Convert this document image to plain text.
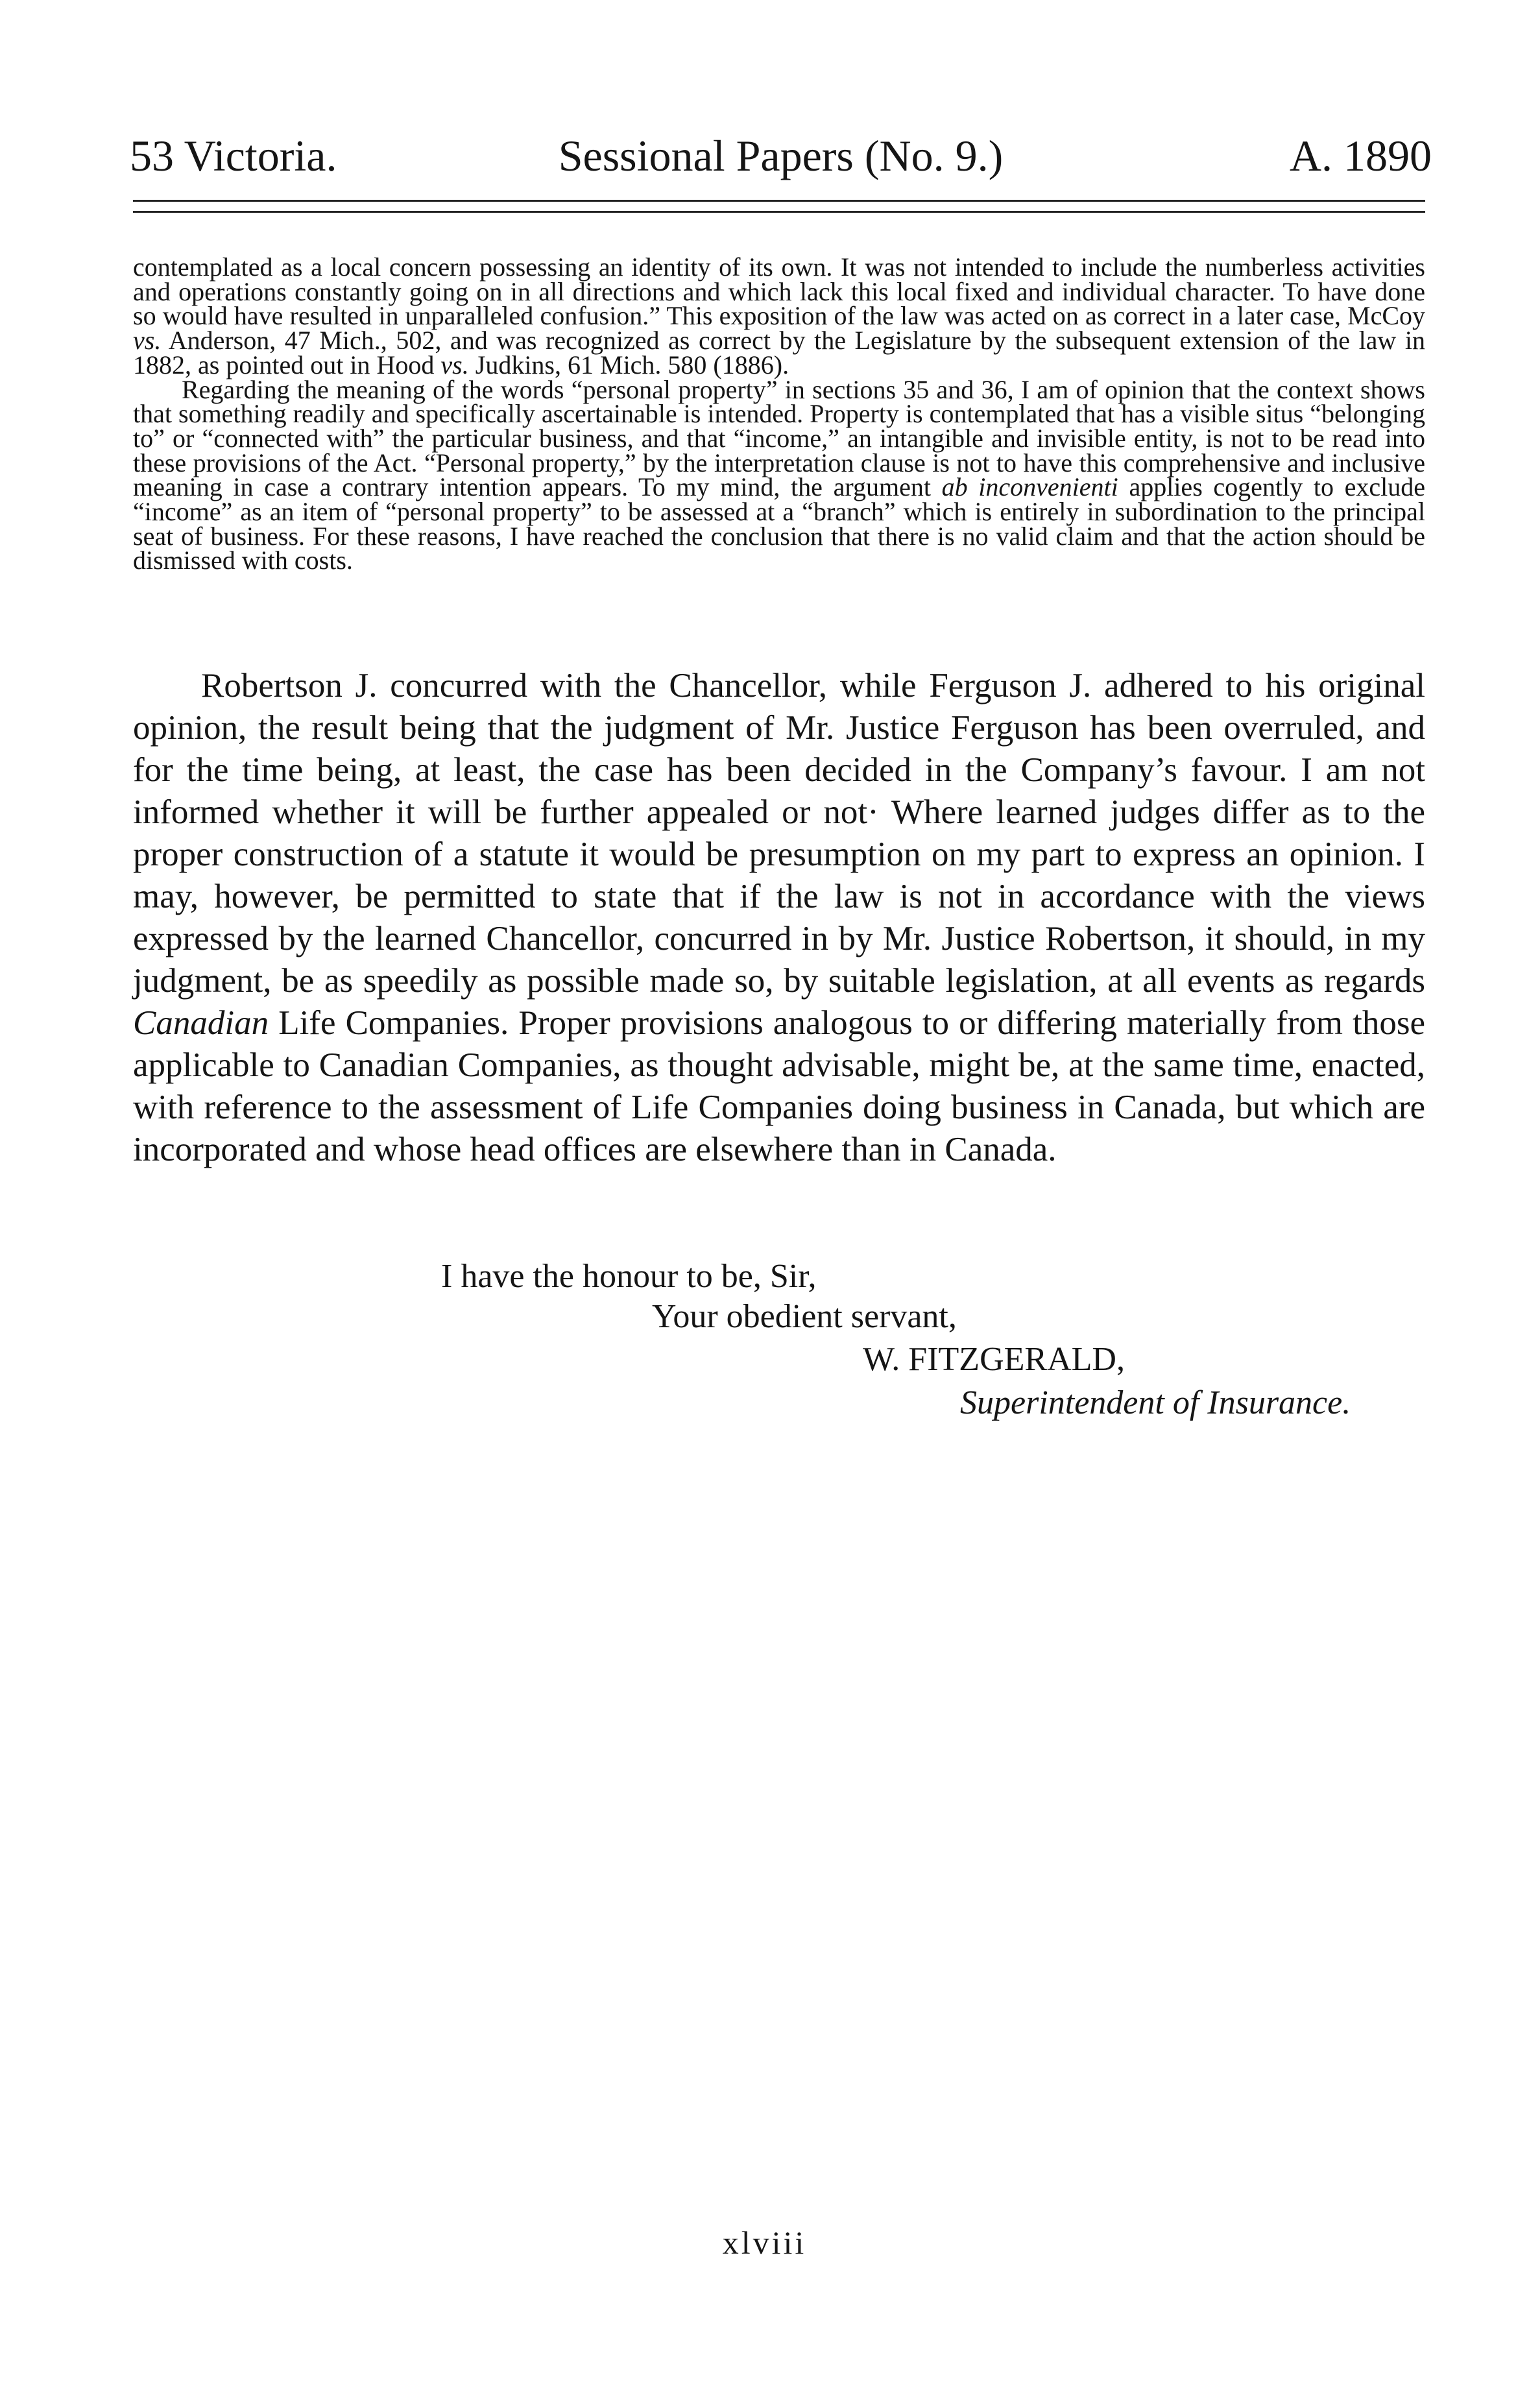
53 Victoria.	Sessional Papers (No. 9.)	A. 1890

contemplated as a local concern possessing an identity of its own. It was not intended to include the numberless activities and operations constantly going on in all directions and which lack this local fixed and individual character. To have done so would have resulted in unparalleled confusion.” This exposition of the law was acted on as correct in a later case, McCoy vs. Anderson, 47 Mich., 502, and was recognized as correct by the Legislature by the subsequent extension of the law in 1882, as pointed out in Hood vs. Judkins, 61 Mich. 580 (1886).

Regarding the meaning of the words “personal property” in sections 35 and 36, I am of opinion that the context shows that something readily and specifically ascertainable is intended. Property is contemplated that has a visible situs “belonging to” or “connected with” the particular business, and that “income,” an intangible and invisible entity, is not to be read into these provisions of the Act. “Personal property,” by the interpretation clause is not to have this comprehensive and inclusive meaning in case a contrary intention appears. To my mind, the argument ab inconvenienti applies cogently to exclude “income” as an item of “personal property” to be assessed at a “branch” which is entirely in subordination to the principal seat of business. For these reasons, I have reached the conclusion that there is no valid claim and that the action should be dismissed with costs.

Robertson J. concurred with the Chancellor, while Ferguson J. adhered to his original opinion, the result being that the judgment of Mr. Justice Ferguson has been overruled, and for the time being, at least, the case has been decided in the Company’s favour. I am not informed whether it will be further appealed or not· Where learned judges differ as to the proper construction of a statute it would be presumption on my part to express an opinion. I may, however, be permitted to state that if the law is not in accordance with the views expressed by the learned Chancellor, concurred in by Mr. Justice Robertson, it should, in my judgment, be as speedily as possible made so, by suitable legislation, at all events as regards Canadian Life Companies. Proper provisions analogous to or differing materially from those applicable to Canadian Companies, as thought advisable, might be, at the same time, enacted, with reference to the assessment of Life Companies doing business in Canada, but which are incorporated and whose head offices are elsewhere than in Canada.

I have the honour to be, Sir,
Your obedient servant,
W. FITZGERALD,
Superintendent of Insurance.
xlviii
